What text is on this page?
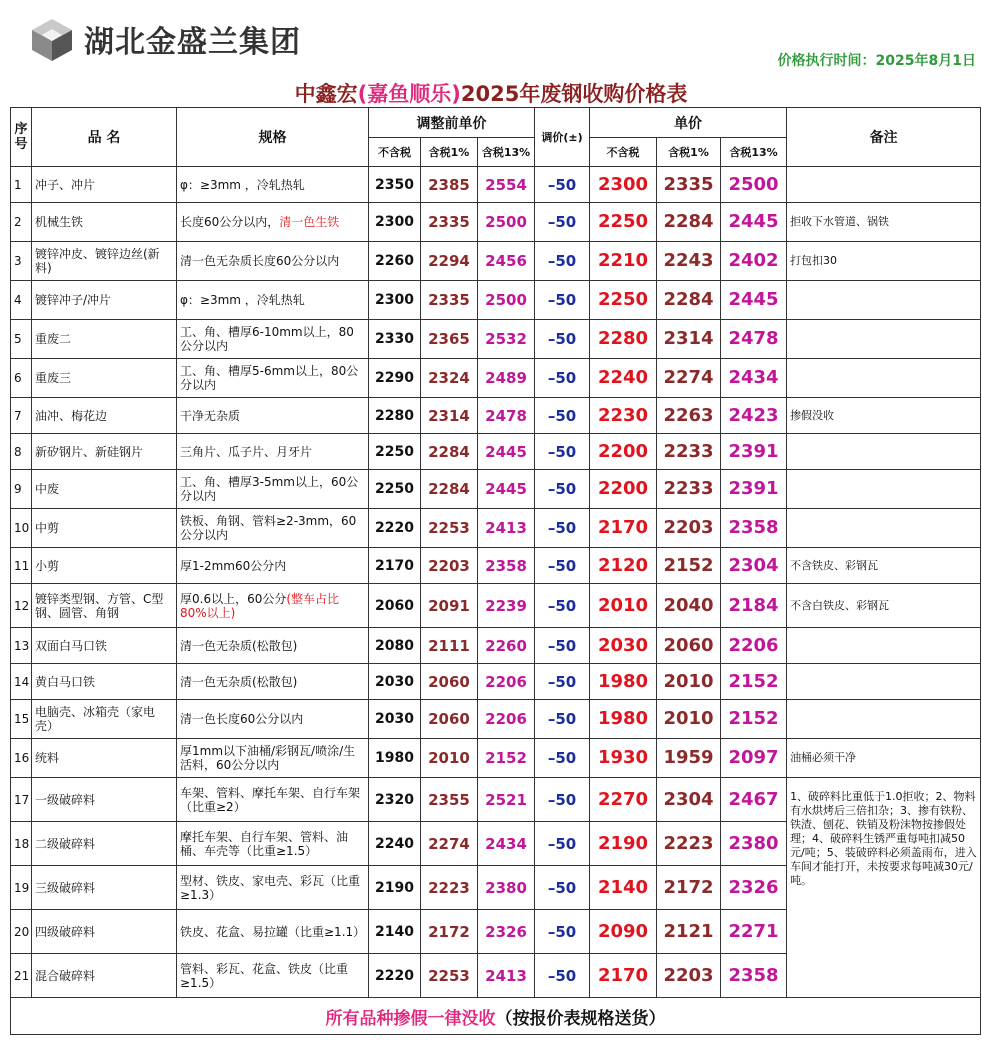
湖北金盛兰集团
价格执行时间：2025年8月1日
中鑫宏(嘉鱼顺乐)2025年废钢收购价格表
序号	品 名	规格	调整前单价			调价(±)	单价			备注
			不含税	含税1%	含税13%		不含税	含税1%	含税13%	
1	冲子、冲片	φ：≥3mm ，冷轧热轧	2350	2385	2554	–50	2300	2335	2500	
2	机械生铁	长度60公分以内，清一色生铁	2300	2335	2500	–50	2250	2284	2445	拒收下水管道、锅铁
3	镀锌冲皮、镀锌边丝(新料)	清一色无杂质长度60公分以内	2260	2294	2456	–50	2210	2243	2402	打包扣30
4	镀锌冲子/冲片	φ：≥3mm ，冷轧热轧	2300	2335	2500	–50	2250	2284	2445	
5	重废二	工、角、槽厚6-10mm以上，80公分以内	2330	2365	2532	–50	2280	2314	2478	
6	重废三	工、角、槽厚5-6mm以上，80公分以内	2290	2324	2489	–50	2240	2274	2434	
7	油冲、梅花边	干净无杂质	2280	2314	2478	–50	2230	2263	2423	掺假没收
8	新矽钢片、新硅钢片	三角片、瓜子片、月牙片	2250	2284	2445	–50	2200	2233	2391	
9	中废	工、角、槽厚3-5mm以上，60公分以内	2250	2284	2445	–50	2200	2233	2391	
10	中剪	铁板、角钢、管料≥2-3mm，60公分以内	2220	2253	2413	–50	2170	2203	2358	
11	小剪	厚1-2mm60公分内	2170	2203	2358	–50	2120	2152	2304	不含铁皮、彩钢瓦
12	镀锌类型钢、方管、C型钢、圆管、角钢	厚0.6以上，60公分(整车占比80%以上)	2060	2091	2239	–50	2010	2040	2184	不含白铁皮、彩钢瓦
13	双面白马口铁	清一色无杂质(松散包)	2080	2111	2260	–50	2030	2060	2206	
14	黄白马口铁	清一色无杂质(松散包)	2030	2060	2206	–50	1980	2010	2152	
15	电脑壳、冰箱壳（家电壳）	清一色长度60公分以内	2030	2060	2206	–50	1980	2010	2152	
16	统料	厚1mm以下油桶/彩钢瓦/喷涂/生活料，60公分以内	1980	2010	2152	–50	1930	1959	2097	油桶必须干净
17	一级破碎料	车架、管料、摩托车架、自行车架（比重≥2）	2320	2355	2521	–50	2270	2304	2467	1、破碎料比重低于1.0拒收；2、物料有水烘烤后三倍扣杂；3、掺有铁粉、铁渣、刨花、铁销及粉沫物按掺假处理；4、破碎料生锈严重每吨扣减50元/吨；5、装破碎料必须盖雨布，进入车间才能打开，未按要求每吨减30元/吨。
18	二级破碎料	摩托车架、自行车架、管料、油桶、车壳等（比重≥1.5）	2240	2274	2434	–50	2190	2223	2380	
19	三级破碎料	型材、铁皮、家电壳、彩瓦（比重≥1.3）	2190	2223	2380	–50	2140	2172	2326	
20	四级破碎料	铁皮、花盒、易拉罐（比重≥1.1）	2140	2172	2326	–50	2090	2121	2271	
21	混合破碎料	管料、彩瓦、花盒、铁皮（比重≥1.5）	2220	2253	2413	–50	2170	2203	2358	
所有品种掺假一律没收（按报价表规格送货）										
